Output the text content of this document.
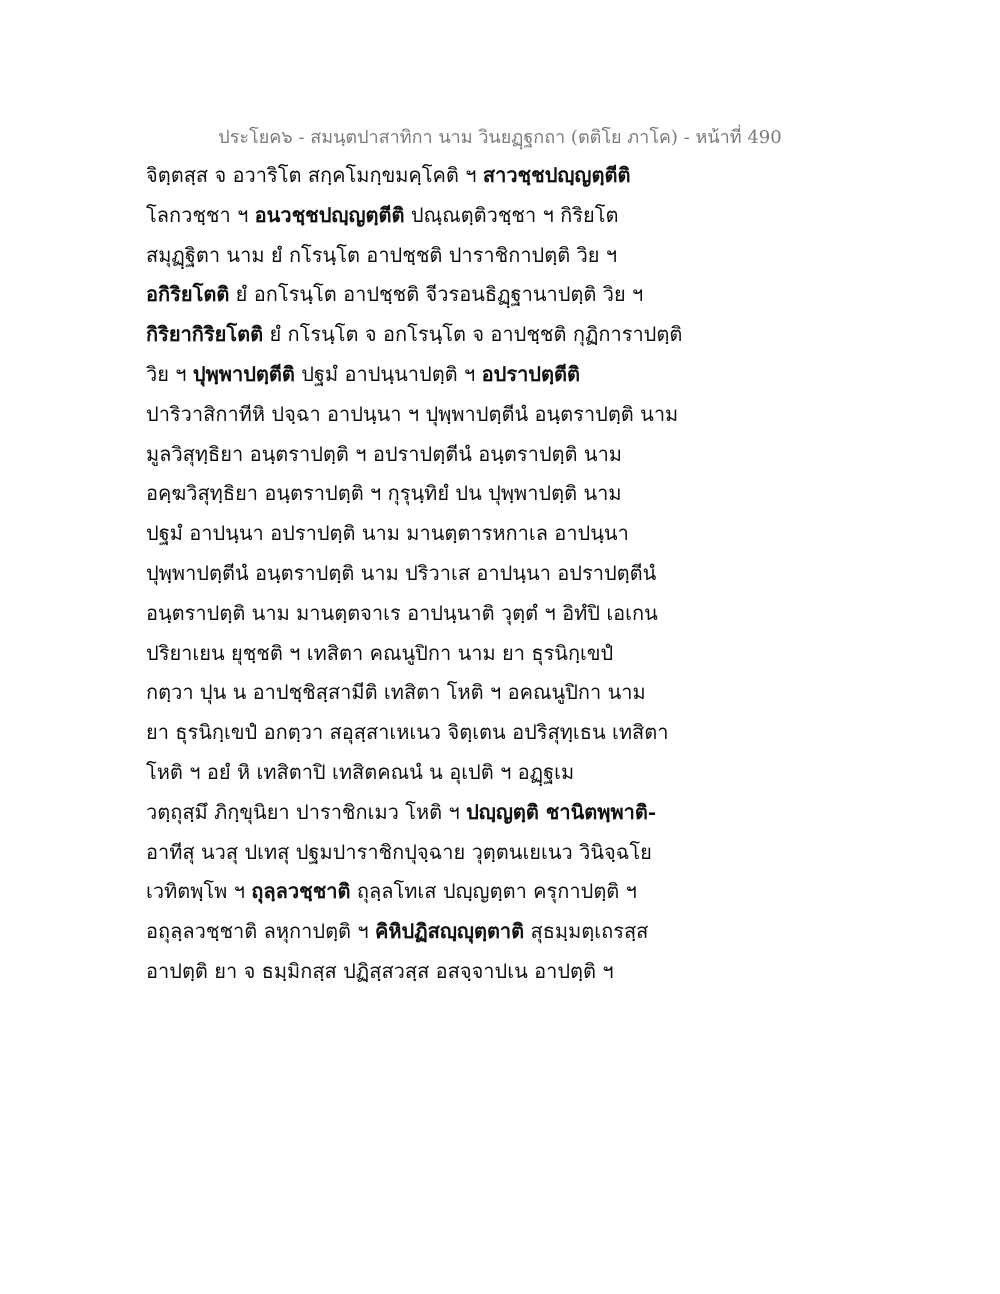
ประโยค๖ - สมนฺตปาสาทิกา นาม วินยฏฺฐกถา (ตติโย ภาโค) - หน้าที่ 490
จิตฺตสฺส จ อวาริโต สกฺคโมกฺขมคฺโคติ ฯ สาวชฺชปญฺญตฺตีติ
โลกวชฺชา ฯ อนวชฺชปญฺญตฺตีติ ปณฺณตฺติวชฺชา ฯ กิริยโต
สมุฏฺฐิตา นาม ยํ กโรนฺโต อาปชฺชติ ปาราชิกาปตฺติ วิย ฯ
อกิริยโตติ ยํ อกโรนฺโต อาปชฺชติ จีวรอนธิฏฺฐานาปตฺติ วิย ฯ
กิริยากิริยโตติ ยํ กโรนฺโต จ อกโรนฺโต จ อาปชฺชติ กุฏิการาปตฺติ
วิย ฯ ปุพฺพาปตฺตีติ ปฐมํ อาปนฺนาปตฺติ ฯ อปราปตฺตีติ
ปาริวาสิกาทีหิ ปจฺฉา อาปนฺนา ฯ ปุพฺพาปตฺตีนํ อนฺตราปตฺติ นาม
มูลวิสุทฺธิยา อนฺตราปตฺติ ฯ อปราปตฺตีนํ อนฺตราปตฺติ นาม
อคฺฆวิสุทฺธิยา อนฺตราปตฺติ ฯ กุรุนฺทิยํ ปน ปุพฺพาปตฺติ นาม
ปฐมํ อาปนฺนา อปราปตฺติ นาม มานตฺตารหกาเล อาปนฺนา
ปุพฺพาปตฺตีนํ อนฺตราปตฺติ นาม ปริวาเส อาปนฺนา อปราปตฺตีนํ
อนฺตราปตฺติ นาม มานตฺตจาเร อาปนฺนาติ วุตฺตํ ฯ อิทํปิ เอเกน
ปริยาเยน ยุชฺชติ ฯ เทสิตา คณนูปิกา นาม ยา ธุรนิกฺเขปํ
กตฺวา ปุน น อาปชฺชิสฺสามีติ เทสิตา โหติ ฯ อคณนูปิกา นาม
ยา ธุรนิกฺเขปํ อกตฺวา สอุสฺสาเหเนว จิตฺเตน อปริสุทฺเธน เทสิตา
โหติ ฯ อยํ หิ เทสิตาปิ เทสิตคณนํ น อุเปติ ฯ อฏฺฐเม
วตฺถุสฺมึ ภิกฺขุนิยา ปาราชิกเมว โหติ ฯ ปญฺญตฺติ ชานิตพฺพาติ-
อาทีสุ นวสุ ปเทสุ ปฐมปาราชิกปุจฺฉาย วุตฺตนเยเนว วินิจฺฉโย
เวทิตพฺโพ ฯ ถุลฺลวชฺชาติ ถุลฺลโทเส ปญฺญตฺตา ครุกาปตฺติ ฯ
อถุลฺลวชฺชาติ ลหุกาปตฺติ ฯ คิหิปฏิสญฺญุตฺตาติ สุธมฺมตฺเถรสฺส
อาปตฺติ ยา จ ธมฺมิกสฺส ปฏิสฺสวสฺส อสจฺจาปเน อาปตฺติ ฯ
